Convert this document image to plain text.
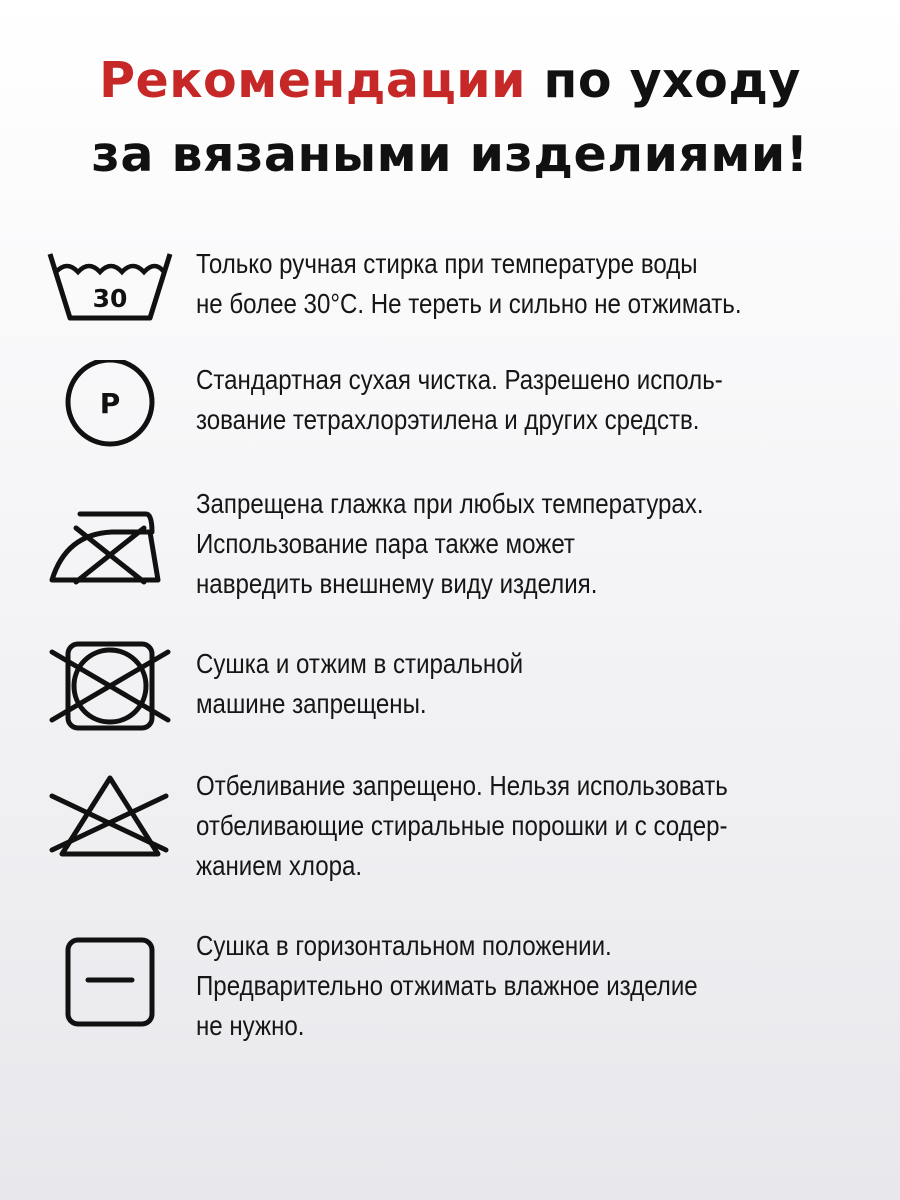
Рекомендации по уходу
за вязаными изделиями!
30
Только ручная стирка при температуре воды
не более 30°С. Не тереть и сильно не отжимать.
P
Стандартная сухая чистка. Разрешено исполь-
зование тетрахлорэтилена и других средств.
Запрещена глажка при любых температурах.
Использование пара также может
навредить внешнему виду изделия.
Сушка и отжим в стиральной
машине запрещены.
Отбеливание запрещено. Нельзя использовать
отбеливающие стиральные порошки и с содер-
жанием хлора.
Сушка в горизонтальном положении.
Предварительно отжимать влажное изделие
не нужно.
